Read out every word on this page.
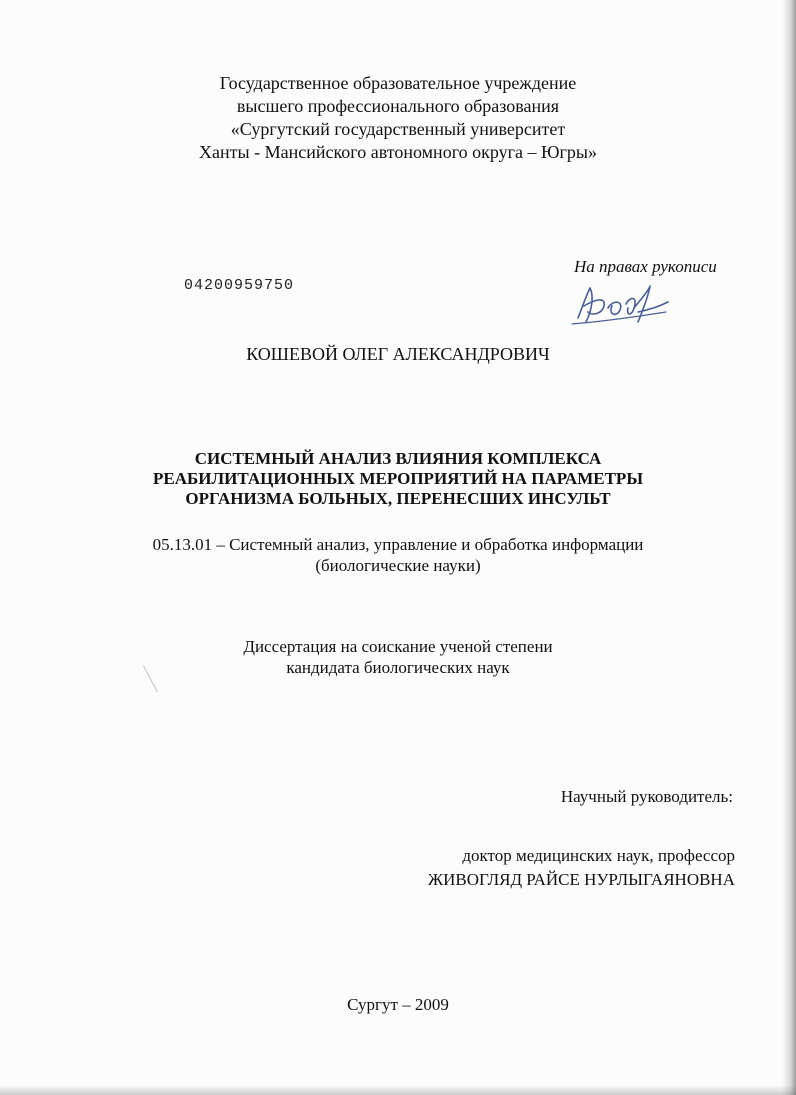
Государственное образовательное учреждение
высшего профессионального образования
«Сургутский государственный университет
Ханты - Мансийского автономного округа – Югры»
04200959750
На правах рукописи
КОШЕВОЙ ОЛЕГ АЛЕКСАНДРОВИЧ
СИСТЕМНЫЙ АНАЛИЗ ВЛИЯНИЯ КОМПЛЕКСА
РЕАБИЛИТАЦИОННЫХ МЕРОПРИЯТИЙ НА ПАРАМЕТРЫ
ОРГАНИЗМА БОЛЬНЫХ, ПЕРЕНЕСШИХ ИНСУЛЬТ
05.13.01 – Системный анализ, управление и обработка информации
(биологические науки)
Диссертация на соискание ученой степени
кандидата биологических наук
Научный руководитель:
доктор медицинских наук, профессор
ЖИВОГЛЯД РАЙСЕ НУРЛЫГАЯНОВНА
Сургут – 2009
